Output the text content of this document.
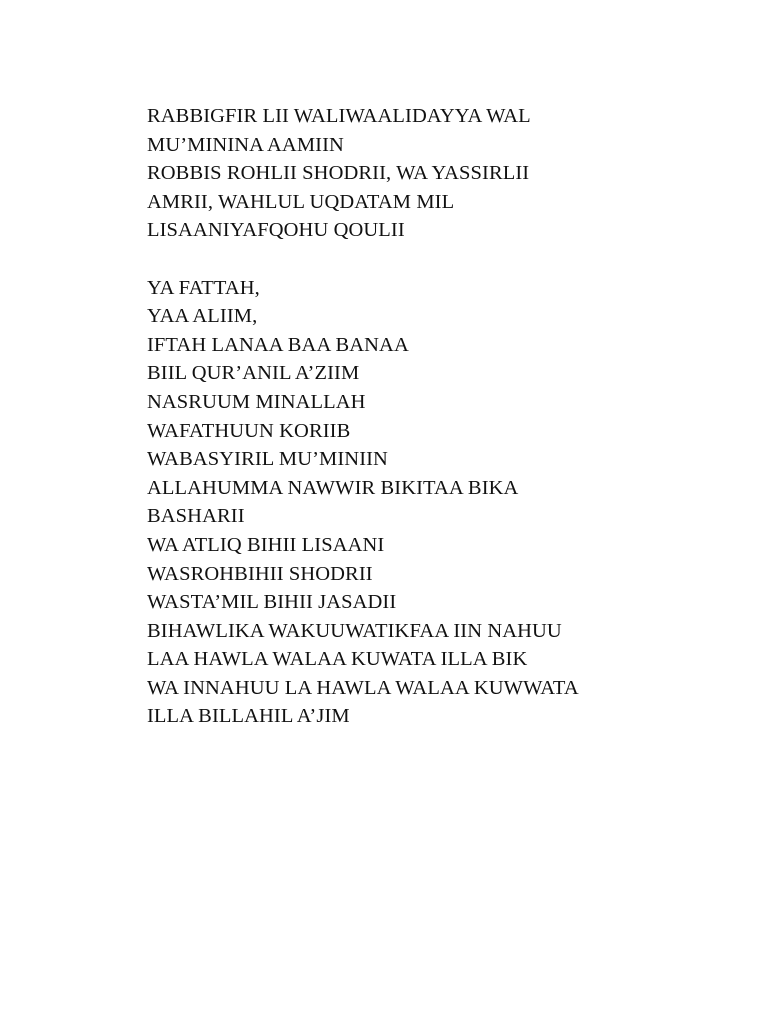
RABBIGFIR LII WALIWAALIDAYYA WAL
MU’MININA AAMIIN
ROBBIS ROHLII SHODRII, WA YASSIRLII
AMRII, WAHLUL UQDATAM MIL
LISAANIYAFQOHU QOULII

YA FATTAH,
YAA ALIIM,
IFTAH LANAA BAA BANAA
BIIL QUR’ANIL A’ZIIM
NASRUUM MINALLAH
WAFATHUUN KORIIB
WABASYIRIL MU’MINIIN
ALLAHUMMA NAWWIR BIKITAA BIKA
BASHARII
WA ATLIQ BIHII LISAANI
WASROHBIHII SHODRII
WASTA’MIL BIHII JASADII
BIHAWLIKA WAKUUWATIKFAA IIN NAHUU
LAA HAWLA WALAA KUWATA ILLA BIK
WA INNAHUU LA HAWLA WALAA KUWWATA
ILLA BILLAHIL A’JIM
